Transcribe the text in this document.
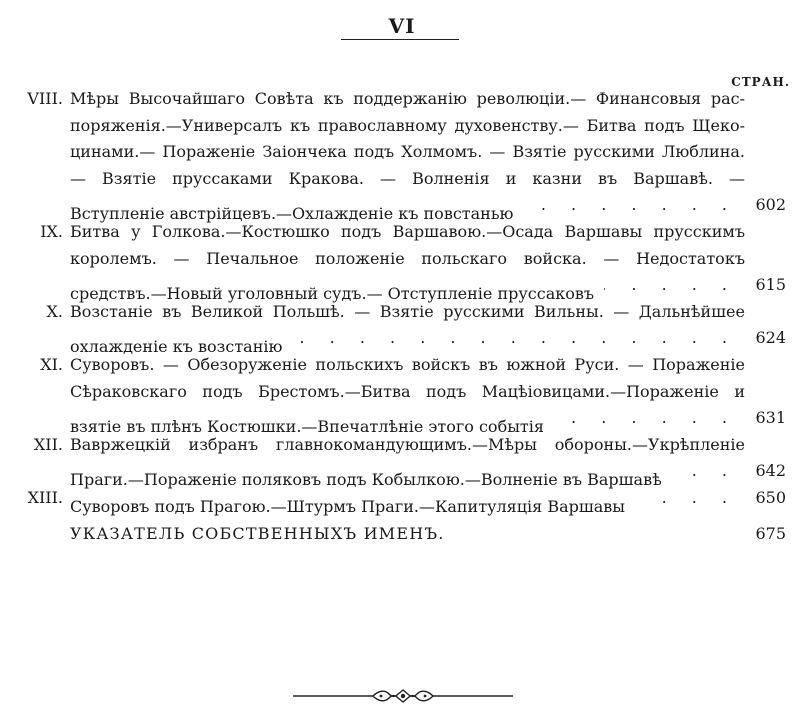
VI
СТРАН.
VIII. Мѣры Высочайшаго Совѣта къ поддержанію революціи.— Финансовыя рас-
поряженія.—Универсалъ къ православному духовенству.— Битва подъ Щеко-
цинами.— Пораженіе Заіончека подъ Холмомъ. — Взятіе русскими Люблина.
— Взятіе пруссаками Кракова. — Волненія и казни въ Варшавѣ. —
Вступленіе австрійцевъ.—Охлажденіе къ повстанью . . .	602
IX. Битва у Голкова.—Костюшко подъ Варшавою.—Осада Варшавы прусскимъ
королемъ. — Печальное положеніе польскаго войска. — Недостатокъ
средствъ.—Новый уголовный судъ.— Отступленіе пруссаковъ . . .	615
X. Возстаніе въ Великой Польшѣ. — Взятіе русскими Вильны. — Дальнѣйшее
охлажденіе къ возстанію . . .	624
XI. Суворовъ. — Обезоруженіе польскихъ войскъ въ южной Руси. — Пораженіе
Сѣраковскаго подъ Брестомъ.—Битва подъ Мацѣіовицами.—Пораженіе и
взятіе въ плѣнъ Костюшки.—Впечатлѣніе этого событія . . .	631
XII. Вавржецкій избранъ главнокомандующимъ.—Мѣры обороны.—Укрѣпленіе
Праги.—Пораженіе поляковъ подъ Кобылкою.—Волненіе въ Варшавѣ . . .	642
XIII. Суворовъ подъ Прагою.—Штурмъ Праги.—Капитуляція Варшавы . . .	650
УКАЗАТЕЛЬ СОБСТВЕННЫХЪ ИМЕНЪ.	675
